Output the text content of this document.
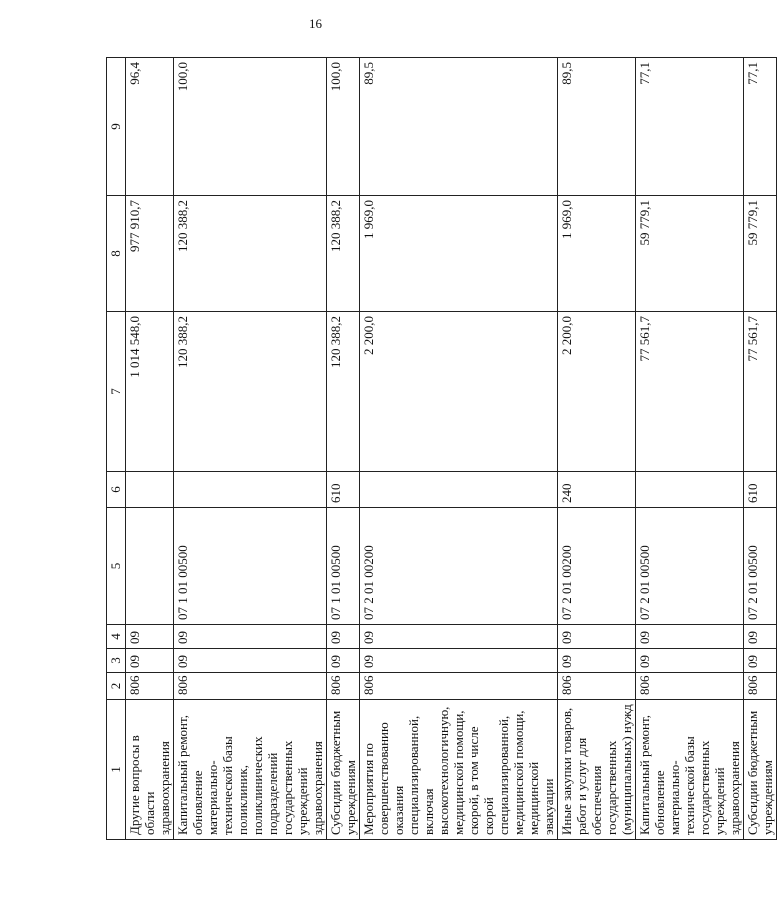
16
1	2	3	4	5	6	7	8	9
Другие вопросы в области здравоохранения	806	09	09			1 014 548,0	977 910,7	96,4
Капитальный ремонт, обновление материально-технической базы поликлиник, поликлинических подразделений государственных учреждений здравоохранения	806	09	09	07 1 01 00500		120 388,2	120 388,2	100,0
Субсидии бюджетным учреждениям	806	09	09	07 1 01 00500	610	120 388,2	120 388,2	100,0
Мероприятия по совершенствованию оказания специализированной, включая высокотехнологичную, медицинской помощи, скорой, в том числе скорой специализированной, медицинской помощи, медицинской эвакуации	806	09	09	07 2 01 00200		2 200,0	1 969,0	89,5
Иные закупки товаров, работ и услуг для обеспечения государственных (муниципальных) нужд	806	09	09	07 2 01 00200	240	2 200,0	1 969,0	89,5
Капитальный ремонт, обновление материально-технической базы государственных учреждений здравоохранения	806	09	09	07 2 01 00500		77 561,7	59 779,1	77,1
Субсидии бюджетным учреждениям	806	09	09	07 2 01 00500	610	77 561,7	59 779,1	77,1
